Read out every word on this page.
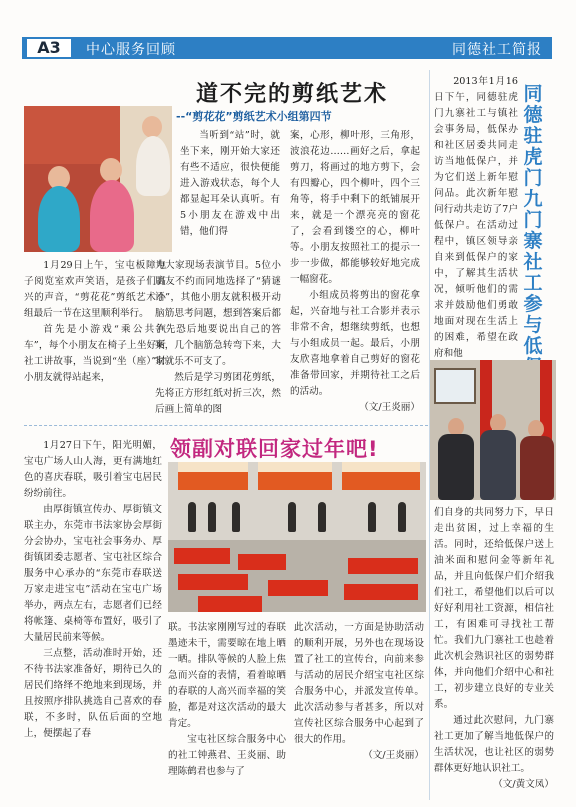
A3	中心服务回顾	同德社工简报
道不完的剪纸艺术
--“剪花花”剪纸艺术小组第四节

1月29日上午，宝屯板障电子阅览室欢声笑语，是孩子们高兴的声音，“剪花花”剪纸艺术小组最后一节在这里顺利举行。

首先是小游戏“乘公共汽车”，每个小朋友在椅子上坐好听社工讲故事，当说到“坐（座）”时小朋友就得站起来，

当听到“站”时，就坐下来，刚开始大家还有些不适应，很快便能进入游戏状态，每个人都显起耳朵认真听。有5小朋友在游戏中出错，他们得

为大家现场表演节目。5位小朋友不约而同地选择了“猜谜语”，其他小朋友就积极开动脑筋思考问题，想到答案后都争先恐后地要说出自己的答案，几个脑筋急转弯下来，大家就乐不可支了。

然后是学习剪团花剪纸，先将正方形红纸对折三次，然后画上简单的图

案，心形，柳叶形，三角形，波浪花边……画好之后，拿起剪刀，将画过的地方剪下，会有四瓣心，四个柳叶，四个三角等，将手中剩下的纸铺展开来，就是一个漂亮亮的窗花了，会看到镂空的心，柳叶等。小朋友按照社工的提示一步一步做，都能够较好地完成一幅窗花。

小组成员将剪出的窗花拿起，兴奋地与社工合影并表示非常不舍，想继续剪纸，也想与小组成员一起。最后，小朋友欣喜地拿着自己剪好的窗花准备带回家，并期待社工之后的活动。

（文/王炎丽）

领副对联回家过年吧!

1月27日下午，阳光明媚，宝屯广场人山人海，更有满地红色的喜庆春联，吸引着宝屯居民纷纷前往。

由厚街镇宣传办、厚街镇文联主办，东莞市书法家协会厚街分会协办，宝屯社会事务办、厚街镇团委志愿者、宝屯社区综合服务中心承办的“东莞市春联送万家走进宝屯”活动在宝屯广场举办，两点左右，志愿者们已经将帐篷、桌椅等布置好，吸引了大量居民前来等候。

三点整，活动准时开始，还不待书法家准备好，期待已久的居民们络绎不绝地来到现场，并且按照序排队挑选自己喜欢的春联，不多时，队伍后面的空地上，便摆起了春

联。书法家刚刚写过的春联墨迹未干，需要晾在地上晒一晒。排队等候的人脸上焦急而兴奋的表情，看着晾晒的春联的人高兴而幸福的笑脸，都是对这次活动的最大肯定。

宝屯社区综合服务中心的社工钟燕君、王炎丽、助理陈鹤君也参与了

此次活动，一方面是协助活动的顺利开展，另外也在现场设置了社工的宣传台，向前来参与活动的居民介绍宝屯社区综合服务中心，并派发宣传单。此次活动参与者甚多，所以对宣传社区综合服务中心起到了很大的作用。

（文/王炎丽）

2013年1月16日下午，同德驻虎门九寨社工与镇社会事务局，低保办和社区居委共同走访当地低保户，并为它们送上新年慰问品。此次新年慰问行动共走访了7户低保户。在活动过程中，镇区领导亲自来到低保户的家中，了解其生活状况，倾听他们的需求并鼓励他们勇敢地面对现在生活上的困难，希望在政府和他

同德驻虎门九门寨社工参与低

们自身的共同努力下，早日走出贫困，过上幸福的生活。同时，还给低保户送上油米面和慰问金等新年礼品，并且向低保户们介绍我们社工，希望他们以后可以好好利用社工资源，相信社工，有困难可寻找社工帮忙。我们九门寨社工也趁着此次机会熟识社区的弱势群体，并向他们介绍中心和社工，初步建立良好的专业关系。

通过此次慰问，九门寨社工更加了解当地低保户的生活状况，也让社区的弱势群体更好地认识社工。

（文/黄文凤）
